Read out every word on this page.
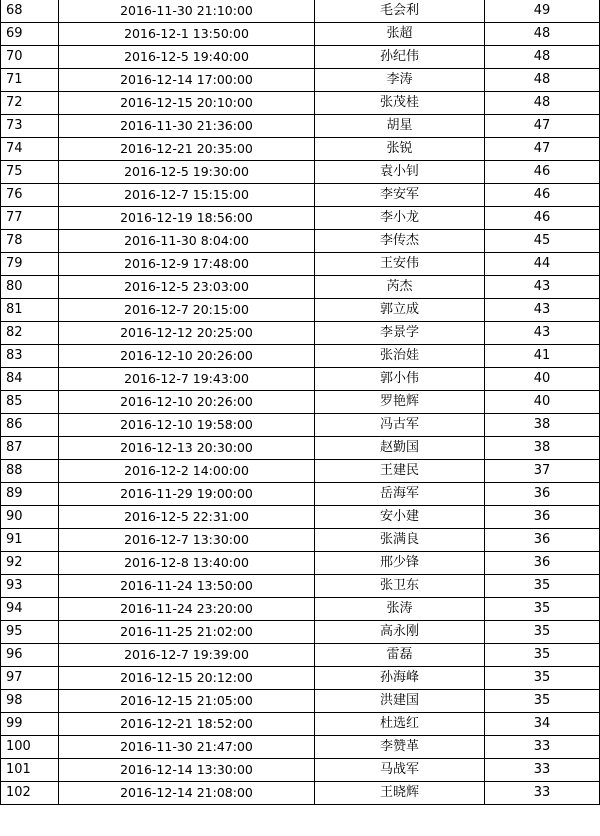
68	2016-11-30 21:10:00	毛会利	49
69	2016-12-1 13:50:00	张超	48
70	2016-12-5 19:40:00	孙纪伟	48
71	2016-12-14 17:00:00	李涛	48
72	2016-12-15 20:10:00	张茂桂	48
73	2016-11-30 21:36:00	胡星	47
74	2016-12-21 20:35:00	张锐	47
75	2016-12-5 19:30:00	袁小钊	46
76	2016-12-7 15:15:00	李安军	46
77	2016-12-19 18:56:00	李小龙	46
78	2016-11-30 8:04:00	李传杰	45
79	2016-12-9 17:48:00	王安伟	44
80	2016-12-5 23:03:00	芮杰	43
81	2016-12-7 20:15:00	郭立成	43
82	2016-12-12 20:25:00	李景学	43
83	2016-12-10 20:26:00	张治娃	41
84	2016-12-7 19:43:00	郭小伟	40
85	2016-12-10 20:26:00	罗艳辉	40
86	2016-12-10 19:58:00	冯古军	38
87	2016-12-13 20:30:00	赵勤国	38
88	2016-12-2 14:00:00	王建民	37
89	2016-11-29 19:00:00	岳海军	36
90	2016-12-5 22:31:00	安小建	36
91	2016-12-7 13:30:00	张满良	36
92	2016-12-8 13:40:00	邢少锋	36
93	2016-11-24 13:50:00	张卫东	35
94	2016-11-24 23:20:00	张涛	35
95	2016-11-25 21:02:00	高永刚	35
96	2016-12-7 19:39:00	雷磊	35
97	2016-12-15 20:12:00	孙海峰	35
98	2016-12-15 21:05:00	洪建国	35
99	2016-12-21 18:52:00	杜选红	34
100	2016-11-30 21:47:00	李赞革	33
101	2016-12-14 13:30:00	马战军	33
102	2016-12-14 21:08:00	王晓辉	33
